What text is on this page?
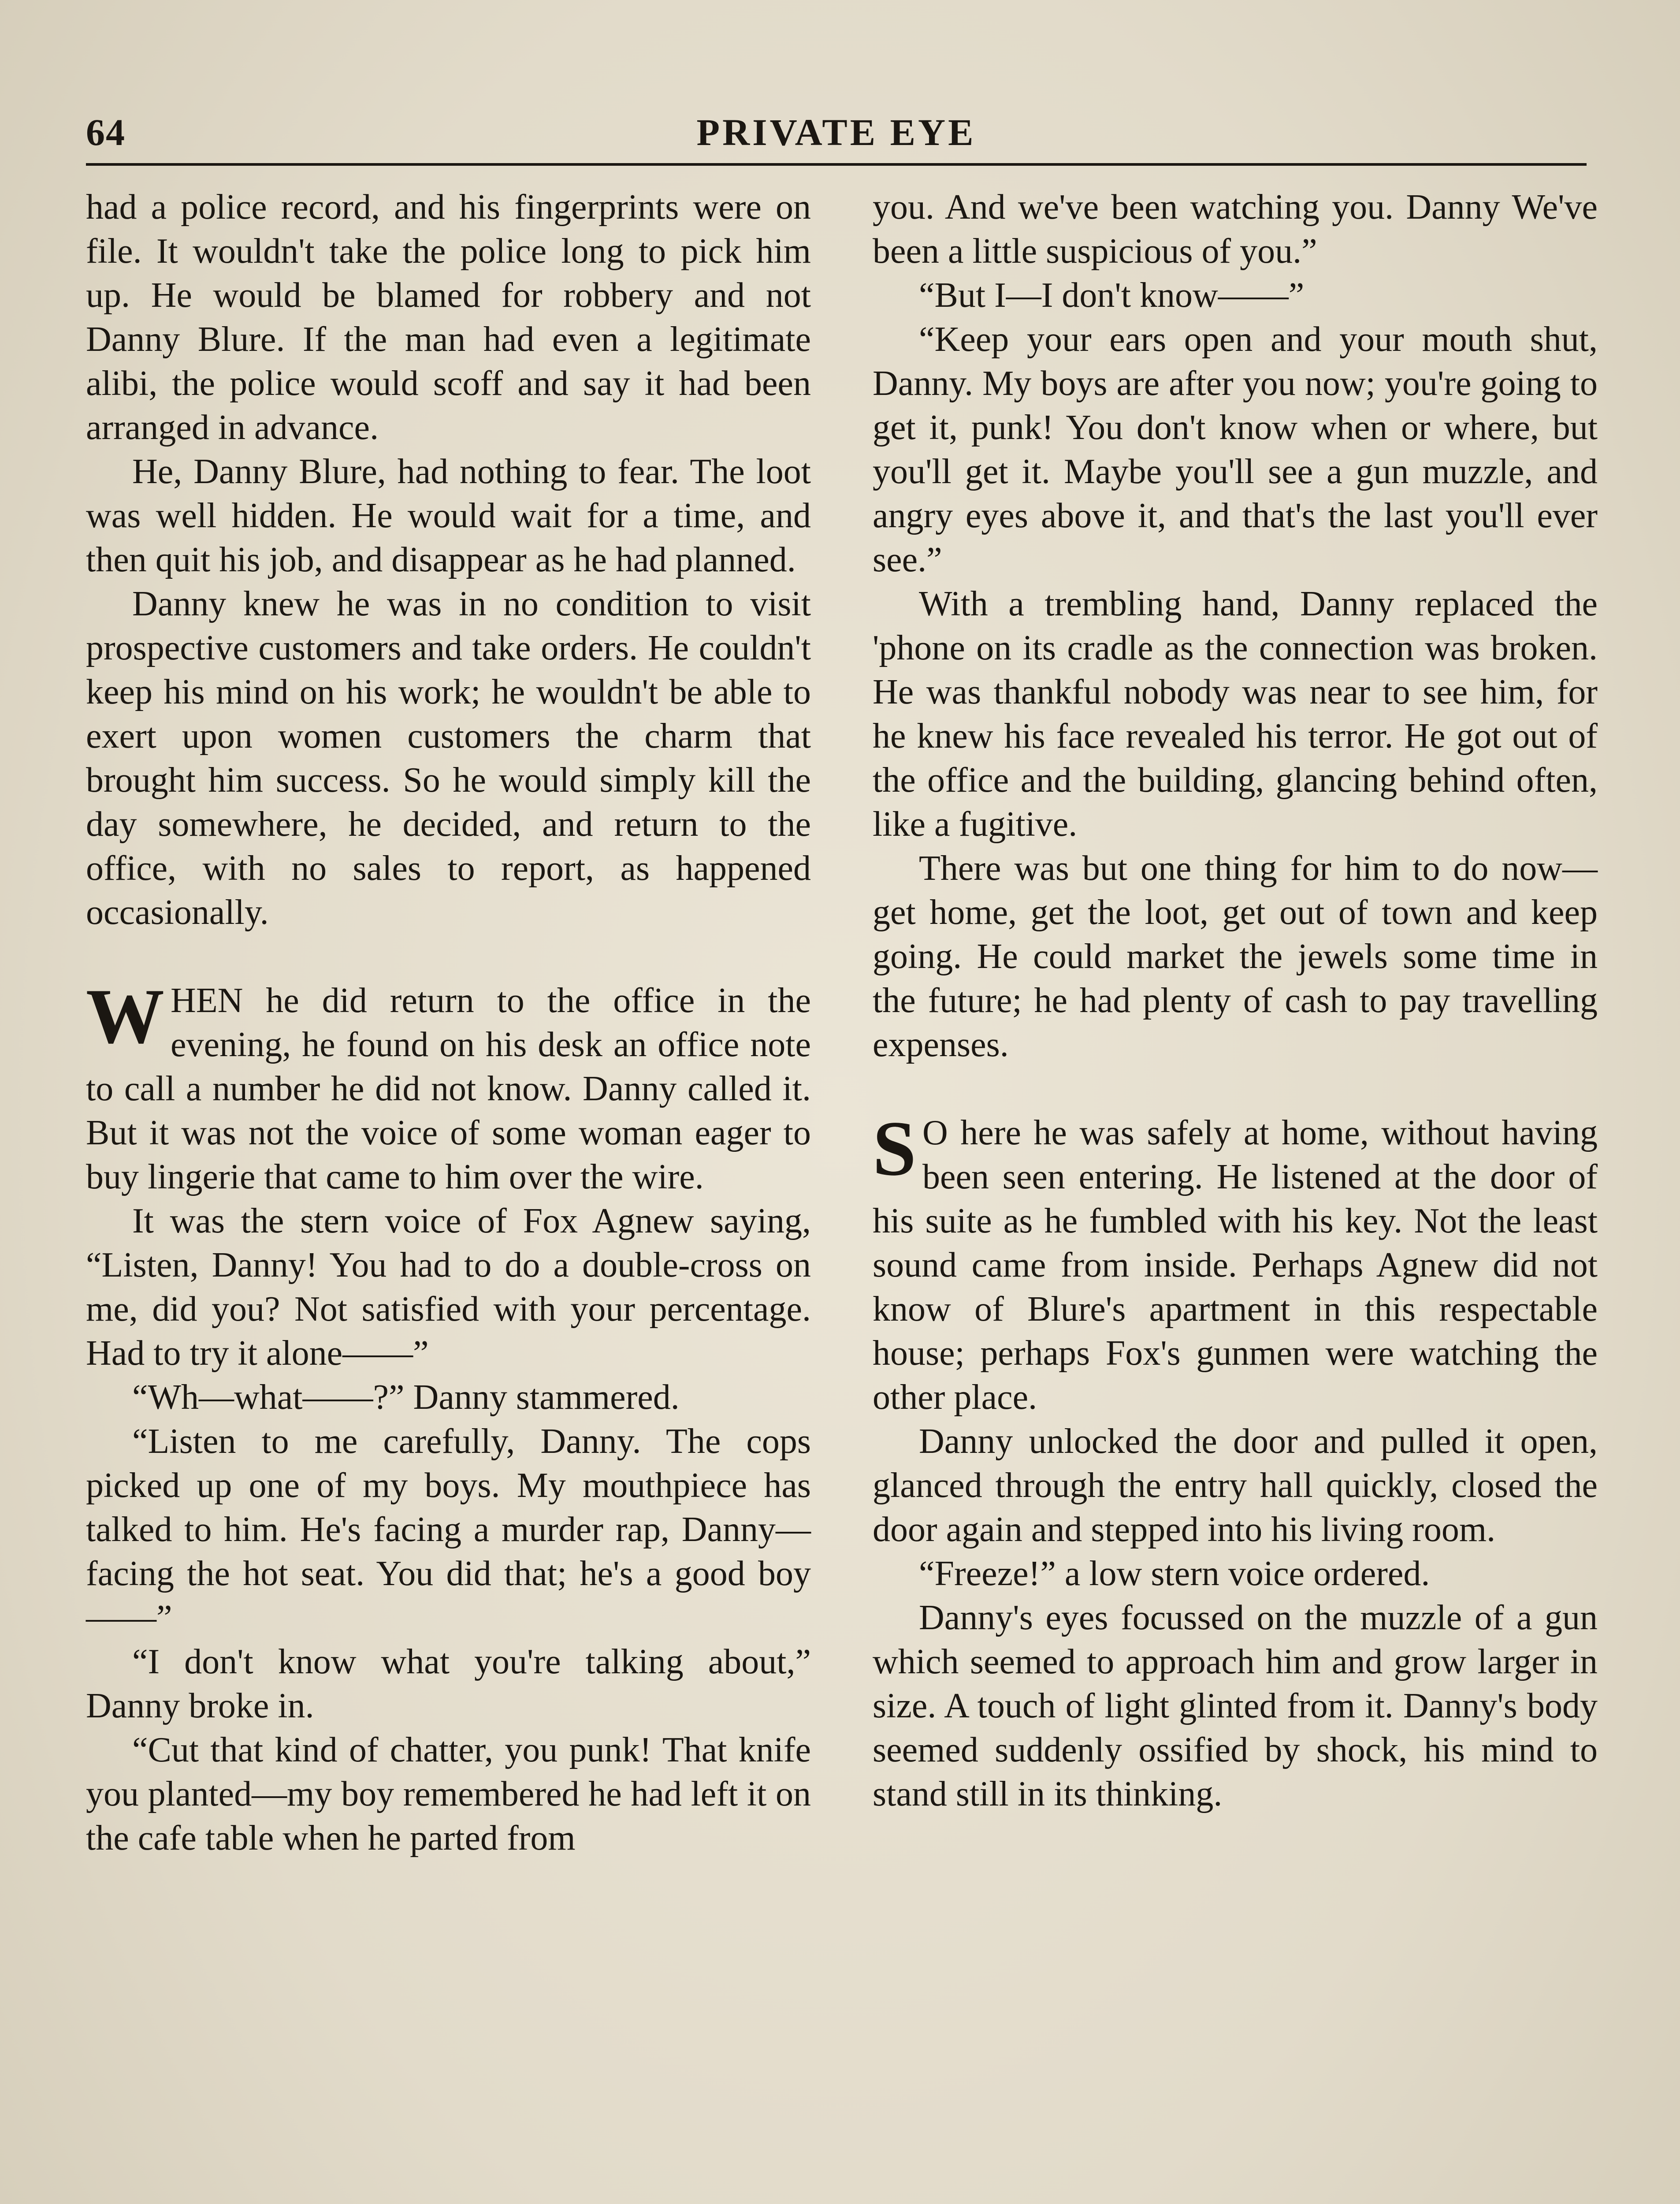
64	PRIVATE EYE

had a police record, and his fingerprints were on file. It wouldn't take the police long to pick him up. He would be blamed for robbery and not Danny Blure. If the man had even a legitimate alibi, the police would scoff and say it had been arranged in advance.

He, Danny Blure, had nothing to fear. The loot was well hidden. He would wait for a time, and then quit his job, and disappear as he had planned.

Danny knew he was in no condition to visit prospective customers and take orders. He couldn't keep his mind on his work; he wouldn't be able to exert upon women customers the charm that brought him success. So he would simply kill the day somewhere, he decided, and return to the office, with no sales to report, as happened occasionally.

WHEN he did return to the office in the evening, he found on his desk an office note to call a number he did not know. Danny called it. But it was not the voice of some woman eager to buy lingerie that came to him over the wire.

It was the stern voice of Fox Agnew saying, “Listen, Danny! You had to do a double-cross on me, did you? Not satisfied with your percentage. Had to try it alone——”

“Wh—what——?” Danny stammered.

“Listen to me carefully, Danny. The cops picked up one of my boys. My mouthpiece has talked to him. He's facing a murder rap, Danny—facing the hot seat. You did that; he's a good boy——”

“I don't know what you're talking about,” Danny broke in.

“Cut that kind of chatter, you punk! That knife you planted—my boy remembered he had left it on the cafe table when he parted from

you. And we've been watching you. Danny We've been a little suspicious of you.”

“But I—I don't know——”

“Keep your ears open and your mouth shut, Danny. My boys are after you now; you're going to get it, punk! You don't know when or where, but you'll get it. Maybe you'll see a gun muzzle, and angry eyes above it, and that's the last you'll ever see.”

With a trembling hand, Danny replaced the 'phone on its cradle as the connection was broken. He was thankful nobody was near to see him, for he knew his face revealed his terror. He got out of the office and the building, glancing behind often, like a fugitive.

There was but one thing for him to do now—get home, get the loot, get out of town and keep going. He could market the jewels some time in the future; he had plenty of cash to pay travelling expenses.

S O here he was safely at home, without having been seen entering. He listened at the door of his suite as he fumbled with his key. Not the least sound came from inside. Perhaps Agnew did not know of Blure's apartment in this respectable house; perhaps Fox's gunmen were watching the other place.

Danny unlocked the door and pulled it open, glanced through the entry hall quickly, closed the door again and stepped into his living room.

“Freeze!” a low stern voice ordered.

Danny's eyes focussed on the muzzle of a gun which seemed to approach him and grow larger in size. A touch of light glinted from it. Danny's body seemed suddenly ossified by shock, his mind to stand still in its thinking.
